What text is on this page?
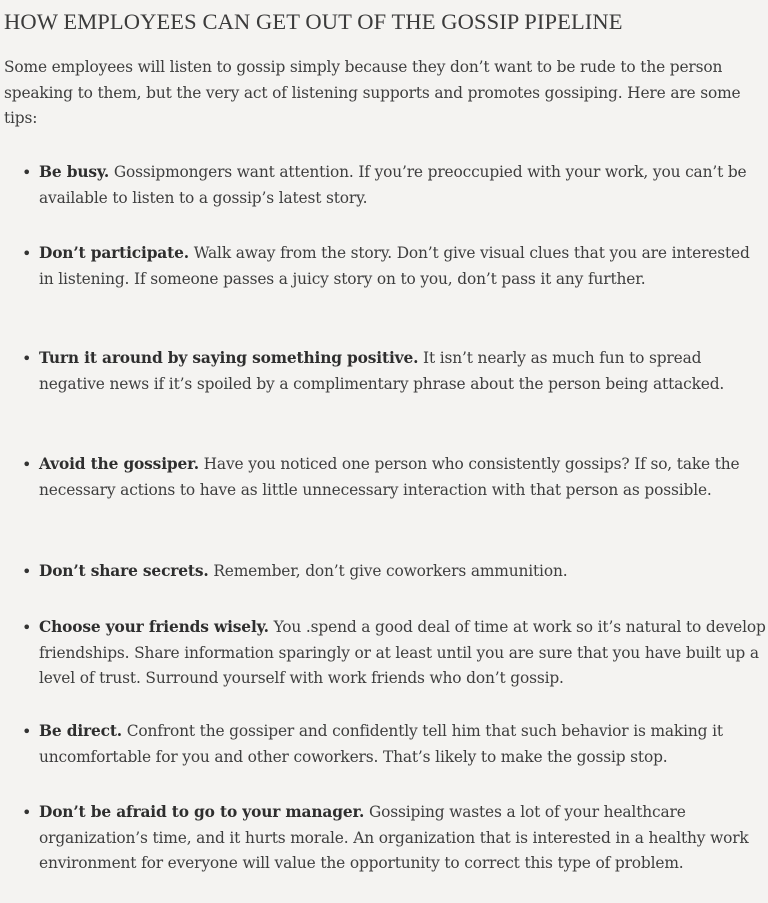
HOW EMPLOYEES CAN GET OUT OF THE GOSSIP PIPELINE

Some employees will listen to gossip simply because they don’t want to be rude to the person speaking to them, but the very act of listening supports and promotes gossiping. Here are some tips:

• Be busy. Gossipmongers want attention. If you’re preoccupied with your work, you can’t be available to listen to a gossip’s latest story.
• Don’t participate. Walk away from the story. Don’t give visual clues that you are interested in listening. If someone passes a juicy story on to you, don’t pass it any further.
• Turn it around by saying something positive. It isn’t nearly as much fun to spread negative news if it’s spoiled by a complimentary phrase about the person being attacked.
• Avoid the gossiper. Have you noticed one person who consistently gossips? If so, take the necessary actions to have as little unnecessary interaction with that person as possible.
• Don’t share secrets. Remember, don’t give coworkers ammunition.
• Choose your friends wisely. You .spend a good deal of time at work so it’s natural to develop friendships. Share information sparingly or at least until you are sure that you have built up a level of trust. Surround yourself with work friends who don’t gossip.
• Be direct. Confront the gossiper and confidently tell him that such behavior is making it uncomfortable for you and other coworkers. That’s likely to make the gossip stop.
• Don’t be afraid to go to your manager. Gossiping wastes a lot of your healthcare organization’s time, and it hurts morale. An organization that is interested in a healthy work environment for everyone will value the opportunity to correct this type of problem.
